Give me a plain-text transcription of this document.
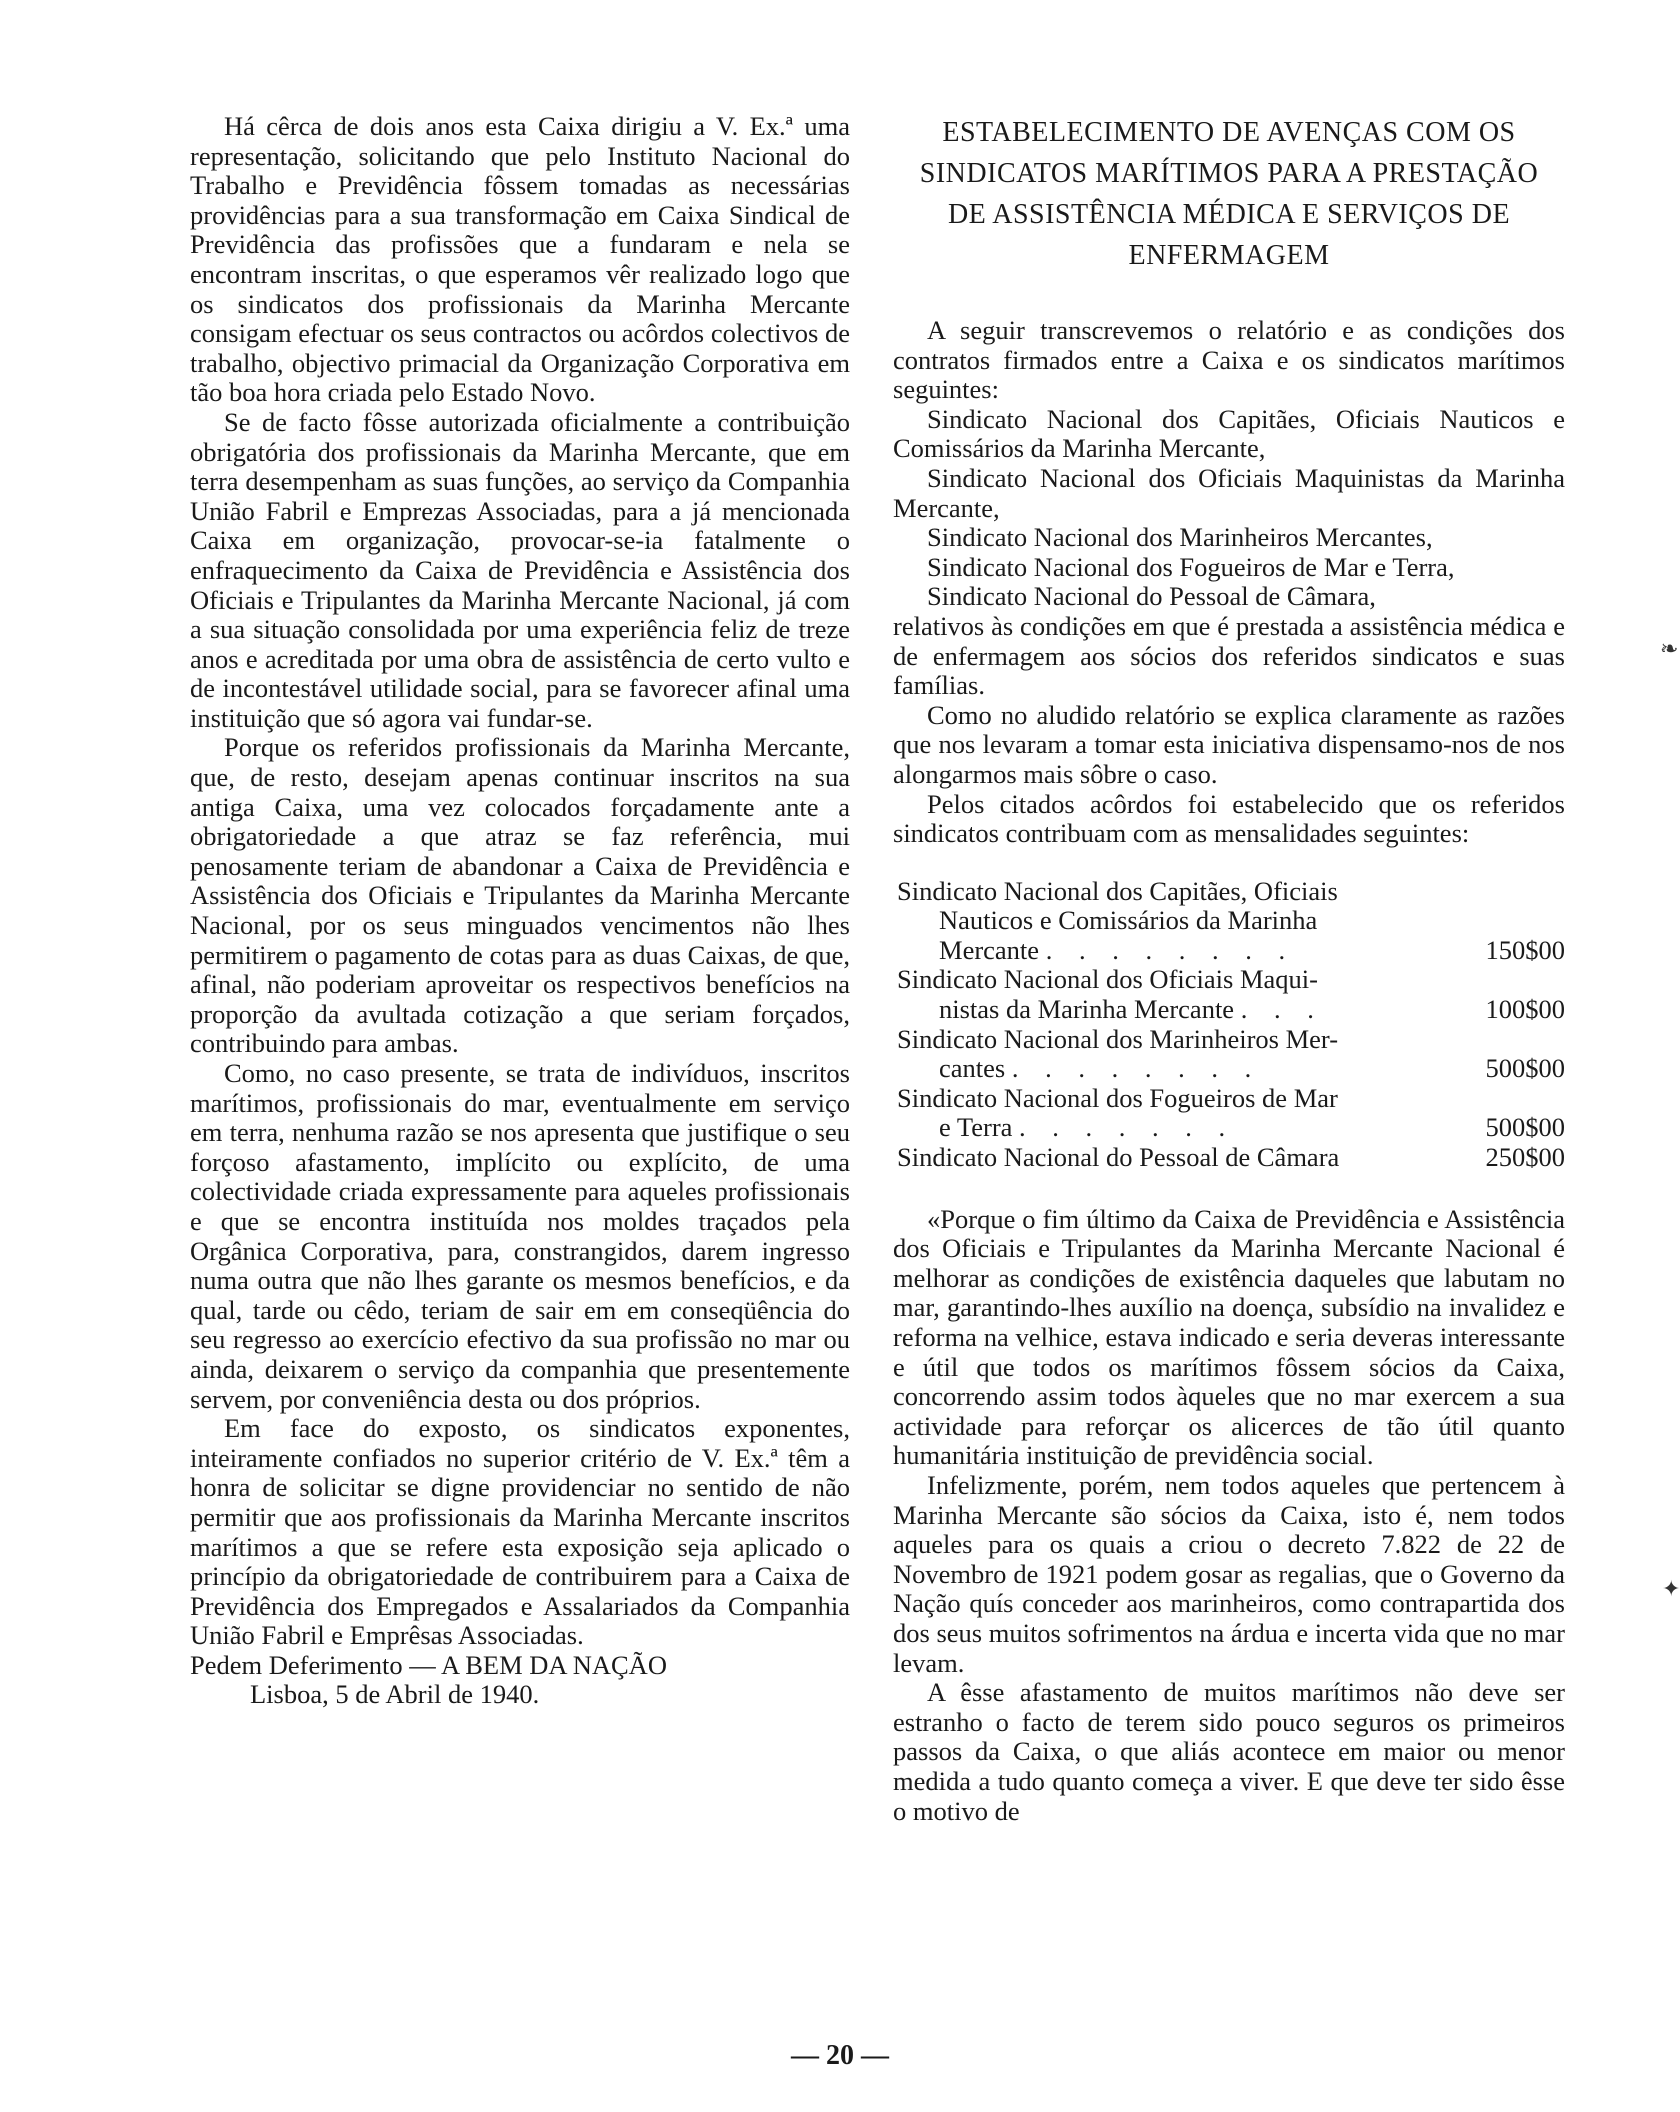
Há cêrca de dois anos esta Caixa dirigiu a V. Ex.ª uma representação, solicitando que pelo Instituto Nacional do Trabalho e Previdência fôssem tomadas as necessárias providências para a sua transformação em Caixa Sindical de Previdência das profissões que a fundaram e nela se encontram inscritas, o que esperamos vêr realizado logo que os sindicatos dos profissionais da Marinha Mercante consigam efectuar os seus contractos ou acôrdos colectivos de trabalho, objectivo primacial da Organização Corporativa em tão boa hora criada pelo Estado Novo.

Se de facto fôsse autorizada oficialmente a contribuição obrigatória dos profissionais da Marinha Mercante, que em terra desempenham as suas funções, ao serviço da Companhia União Fabril e Emprezas Associadas, para a já mencionada Caixa em organização, provocar-se-ia fatalmente o enfraquecimento da Caixa de Previdência e Assistência dos Oficiais e Tripulantes da Marinha Mercante Nacional, já com a sua situação consolidada por uma experiência feliz de treze anos e acreditada por uma obra de assistência de certo vulto e de incontestável utilidade social, para se favorecer afinal uma instituição que só agora vai fundar-se.

Porque os referidos profissionais da Marinha Mercante, que, de resto, desejam apenas continuar inscritos na sua antiga Caixa, uma vez colocados forçadamente ante a obrigatoriedade a que atraz se faz referência, mui penosamente teriam de abandonar a Caixa de Previdência e Assistência dos Oficiais e Tripulantes da Marinha Mercante Nacional, por os seus minguados vencimentos não lhes permitirem o pagamento de cotas para as duas Caixas, de que, afinal, não poderiam aproveitar os respectivos benefícios na proporção da avultada cotização a que seriam forçados, contribuindo para ambas.

Como, no caso presente, se trata de indivíduos, inscritos marítimos, profissionais do mar, eventualmente em serviço em terra, nenhuma razão se nos apresenta que justifique o seu forçoso afastamento, implícito ou explícito, de uma colectividade criada expressamente para aqueles profissionais e que se encontra instituída nos moldes traçados pela Orgânica Corporativa, para, constrangidos, darem ingresso numa outra que não lhes garante os mesmos benefícios, e da qual, tarde ou cêdo, teriam de sair em em conseqüência do seu regresso ao exercício efectivo da sua profissão no mar ou ainda, deixarem o serviço da companhia que presentemente servem, por conveniência desta ou dos próprios.

Em face do exposto, os sindicatos exponentes, inteiramente confiados no superior critério de V. Ex.ª têm a honra de solicitar se digne providenciar no sentido de não permitir que aos profissionais da Marinha Mercante inscritos marítimos a que se refere esta exposição seja aplicado o princípio da obrigatoriedade de contribuirem para a Caixa de Previdência dos Empregados e Assalariados da Companhia União Fabril e Emprêsas Associadas.

Pedem Deferimento — A BEM DA NAÇÃO

Lisboa, 5 de Abril de 1940.

ESTABELECIMENTO DE AVENÇAS COM OS
SINDICATOS MARÍTIMOS PARA A PRESTAÇÃO
DE ASSISTÊNCIA MÉDICA E SERVIÇOS DE
ENFERMAGEM

A seguir transcrevemos o relatório e as condições dos contratos firmados entre a Caixa e os sindicatos marítimos seguintes:

Sindicato Nacional dos Capitães, Oficiais Nauticos e Comissários da Marinha Mercante,

Sindicato Nacional dos Oficiais Maquinistas da Marinha Mercante,

Sindicato Nacional dos Marinheiros Mercantes,

Sindicato Nacional dos Fogueiros de Mar e Terra,

Sindicato Nacional do Pessoal de Câmara,

relativos às condições em que é prestada a assistência médica e de enfermagem aos sócios dos referidos sindicatos e suas famílias.

Como no aludido relatório se explica claramente as razões que nos levaram a tomar esta iniciativa dispensamo-nos de nos alongarmos mais sôbre o caso.

Pelos citados acôrdos foi estabelecido que os referidos sindicatos contribuam com as mensalidades seguintes:

Sindicato Nacional dos Capitães, Oficiais
Nauticos e Comissários da Marinha
Mercante . . . . . . . .	150$00
Sindicato Nacional dos Oficiais Maqui-
nistas da Marinha Mercante . . .	100$00
Sindicato Nacional dos Marinheiros Mer-
cantes . . . . . . . .	500$00
Sindicato Nacional dos Fogueiros de Mar
e Terra . . . . . . .	500$00
Sindicato Nacional do Pessoal de Câmara	250$00

«Porque o fim último da Caixa de Previdência e Assistência dos Oficiais e Tripulantes da Marinha Mercante Nacional é melhorar as condições de existência daqueles que labutam no mar, garantindo-lhes auxílio na doença, subsídio na invalidez e reforma na velhice, estava indicado e seria deveras interessante e útil que todos os marítimos fôssem sócios da Caixa, concorrendo assim todos àqueles que no mar exercem a sua actividade para reforçar os alicerces de tão útil quanto humanitária instituição de previdência social.

Infelizmente, porém, nem todos aqueles que pertencem à Marinha Mercante são sócios da Caixa, isto é, nem todos aqueles para os quais a criou o decreto 7.822 de 22 de Novembro de 1921 podem gosar as regalias, que o Governo da Nação quís conceder aos marinheiros, como contrapartida dos dos seus muitos sofrimentos na árdua e incerta vida que no mar levam.

A êsse afastamento de muitos marítimos não deve ser estranho o facto de terem sido pouco seguros os primeiros passos da Caixa, o que aliás acontece em maior ou menor medida a tudo quanto começa a viver. E que deve ter sido êsse o motivo de

❧
✦
— 20 —
